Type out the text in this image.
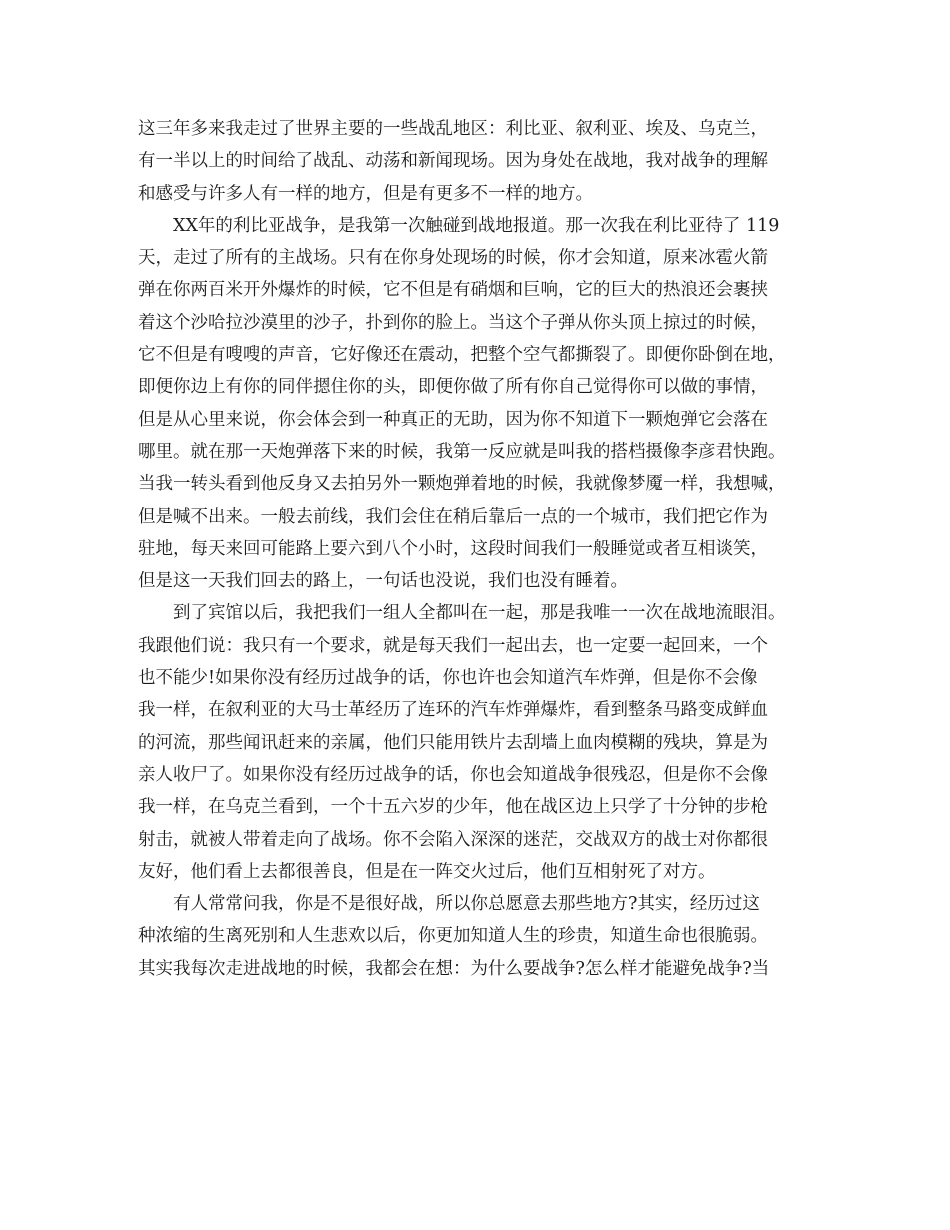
这三年多来我走过了世界主要的一些战乱地区：利比亚、叙利亚、埃及、乌克兰，
有一半以上的时间给了战乱、动荡和新闻现场。因为身处在战地，我对战争的理解
和感受与许多人有一样的地方，但是有更多不一样的地方。
XX年的利比亚战争，是我第一次触碰到战地报道。那一次我在利比亚待了 119
天，走过了所有的主战场。只有在你身处现场的时候，你才会知道，原来冰雹火箭
弹在你两百米开外爆炸的时候，它不但是有硝烟和巨响，它的巨大的热浪还会裹挟
着这个沙哈拉沙漠里的沙子，扑到你的脸上。当这个子弹从你头顶上掠过的时候，
它不但是有嗖嗖的声音，它好像还在震动，把整个空气都撕裂了。即便你卧倒在地，
即便你边上有你的同伴摁住你的头，即便你做了所有你自己觉得你可以做的事情，
但是从心里来说，你会体会到一种真正的无助，因为你不知道下一颗炮弹它会落在
哪里。就在那一天炮弹落下来的时候，我第一反应就是叫我的搭档摄像李彦君快跑。
当我一转头看到他反身又去拍另外一颗炮弹着地的时候，我就像梦魇一样，我想喊，
但是喊不出来。一般去前线，我们会住在稍后靠后一点的一个城市，我们把它作为
驻地，每天来回可能路上要六到八个小时，这段时间我们一般睡觉或者互相谈笑，
但是这一天我们回去的路上，一句话也没说，我们也没有睡着。
到了宾馆以后，我把我们一组人全都叫在一起，那是我唯一一次在战地流眼泪。
我跟他们说：我只有一个要求，就是每天我们一起出去，也一定要一起回来，一个
也不能少!如果你没有经历过战争的话，你也许也会知道汽车炸弹，但是你不会像
我一样，在叙利亚的大马士革经历了连环的汽车炸弹爆炸，看到整条马路变成鲜血
的河流，那些闻讯赶来的亲属，他们只能用铁片去刮墙上血肉模糊的残块，算是为
亲人收尸了。如果你没有经历过战争的话，你也会知道战争很残忍，但是你不会像
我一样，在乌克兰看到，一个十五六岁的少年，他在战区边上只学了十分钟的步枪
射击，就被人带着走向了战场。你不会陷入深深的迷茫，交战双方的战士对你都很
友好，他们看上去都很善良，但是在一阵交火过后，他们互相射死了对方。
有人常常问我，你是不是很好战，所以你总愿意去那些地方?其实，经历过这
种浓缩的生离死别和人生悲欢以后，你更加知道人生的珍贵，知道生命也很脆弱。
其实我每次走进战地的时候，我都会在想：为什么要战争?怎么样才能避免战争?当
